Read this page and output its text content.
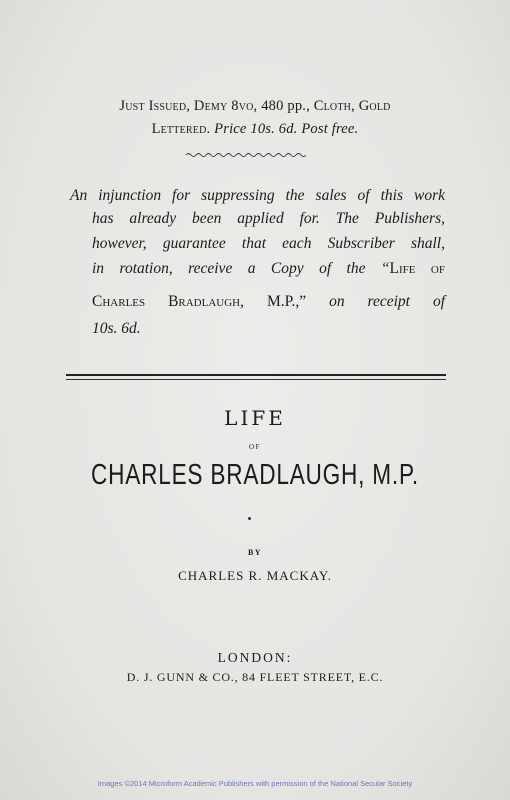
Just Issued, Demy 8vo, 480 pp., Cloth, Gold
Lettered. Price 10s. 6d. Post free.
An injunction for suppressing the sales of this work
has already been applied for. The Publishers,
however, guarantee that each Subscriber shall,
in rotation, receive a Copy of the “Life of
Charles Bradlaugh, M.P.,” on receipt of
10s. 6d.
LIFE
OF
CHARLES BRADLAUGH, M.P.
BY
CHARLES R. MACKAY.
LONDON:
D. J. GUNN & CO., 84 FLEET STREET, E.C.
Images ©2014 Microform Academic Publishers with permission of the National Secular Society
